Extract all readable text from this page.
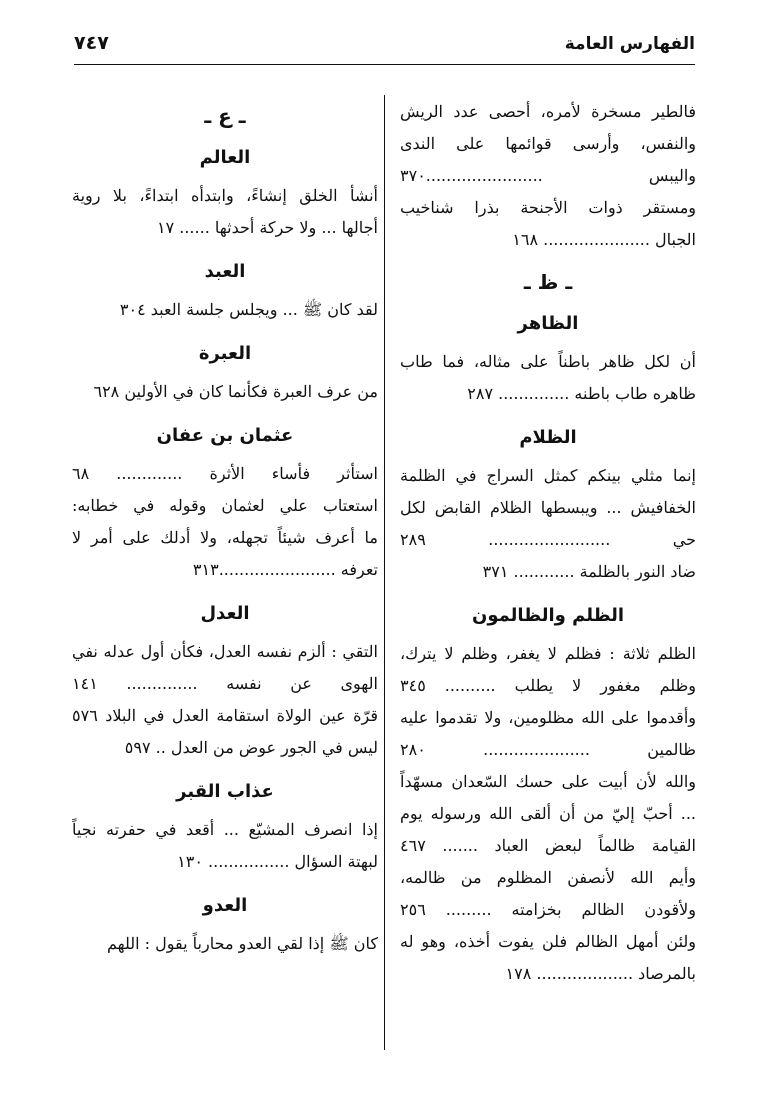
الفهارس العامة
٧٤٧
فالطير مسخرة لأمره، أحصى عدد الريش
والنفس، وأرسى قوائمها على الندى
واليبس .......................٣٧٠
ومستقر ذوات الأجنحة بذرا شناخيب
الجبال ..................... ١٦٨
ـ ظ ـ
الظاهر
أن لكل ظاهر باطناً على مثاله، فما طاب
ظاهره طاب باطنه .............. ٢٨٧
الظلام
إنما مثلي بينكم كمثل السراج في الظلمة
الخفافيش ... ويبسطها الظلام القابض لكل
حي ........................ ٢٨٩
ضاد النور بالظلمة ............ ٣٧١
الظلم والظالمون
الظلم ثلاثة : فظلم لا يغفر، وظلم لا يترك،
وظلم مغفور لا يطلب .......... ٣٤٥
وأقدموا على الله مظلومين، ولا تقدموا عليه
ظالمين ..................... ٢٨٠
والله لأن أبيت على حسك السّعدان مسهّداً
... أحبّ إليّ من أن ألقى الله ورسوله يوم
القيامة ظالماً لبعض العباد ....... ٤٦٧
وأيم الله لأنصفن المظلوم من ظالمه،
ولأقودن الظالم بخزامته ......... ٢٥٦
ولئن أمهل الظالم فلن يفوت أخذه، وهو له
بالمرصاد ................... ١٧٨
ـ ع ـ
العالم
أنشأ الخلق إنشاءً، وابتدأه ابتداءً، بلا روية
أجالها ... ولا حركة أحدثها ...... ١٧
العبد
لقد كان ﷺ ... ويجلس جلسة العبد ٣٠٤
العبرة
من عرف العبرة فكأنما كان في الأولين ٦٢٨
عثمان بن عفان
استأثر فأساء الأثرة ............. ٦٨
استعتاب علي لعثمان وقوله في خطابه:
ما أعرف شيئاً تجهله، ولا أدلك على أمر لا
تعرفه .......................٣١٣
العدل
التقي : ألزم نفسه العدل، فكأن أول عدله نفي
الهوى عن نفسه .............. ١٤١
قرّة عين الولاة استقامة العدل في البلاد ٥٧٦
ليس في الجور عوض من العدل .. ٥٩٧
عذاب القبر
إذا انصرف المشيّع ... أقعد في حفرته نجياً
لبهتة السؤال ................ ١٣٠
العدو
كان ﷺ إذا لقي العدو محارباً يقول : اللهم
